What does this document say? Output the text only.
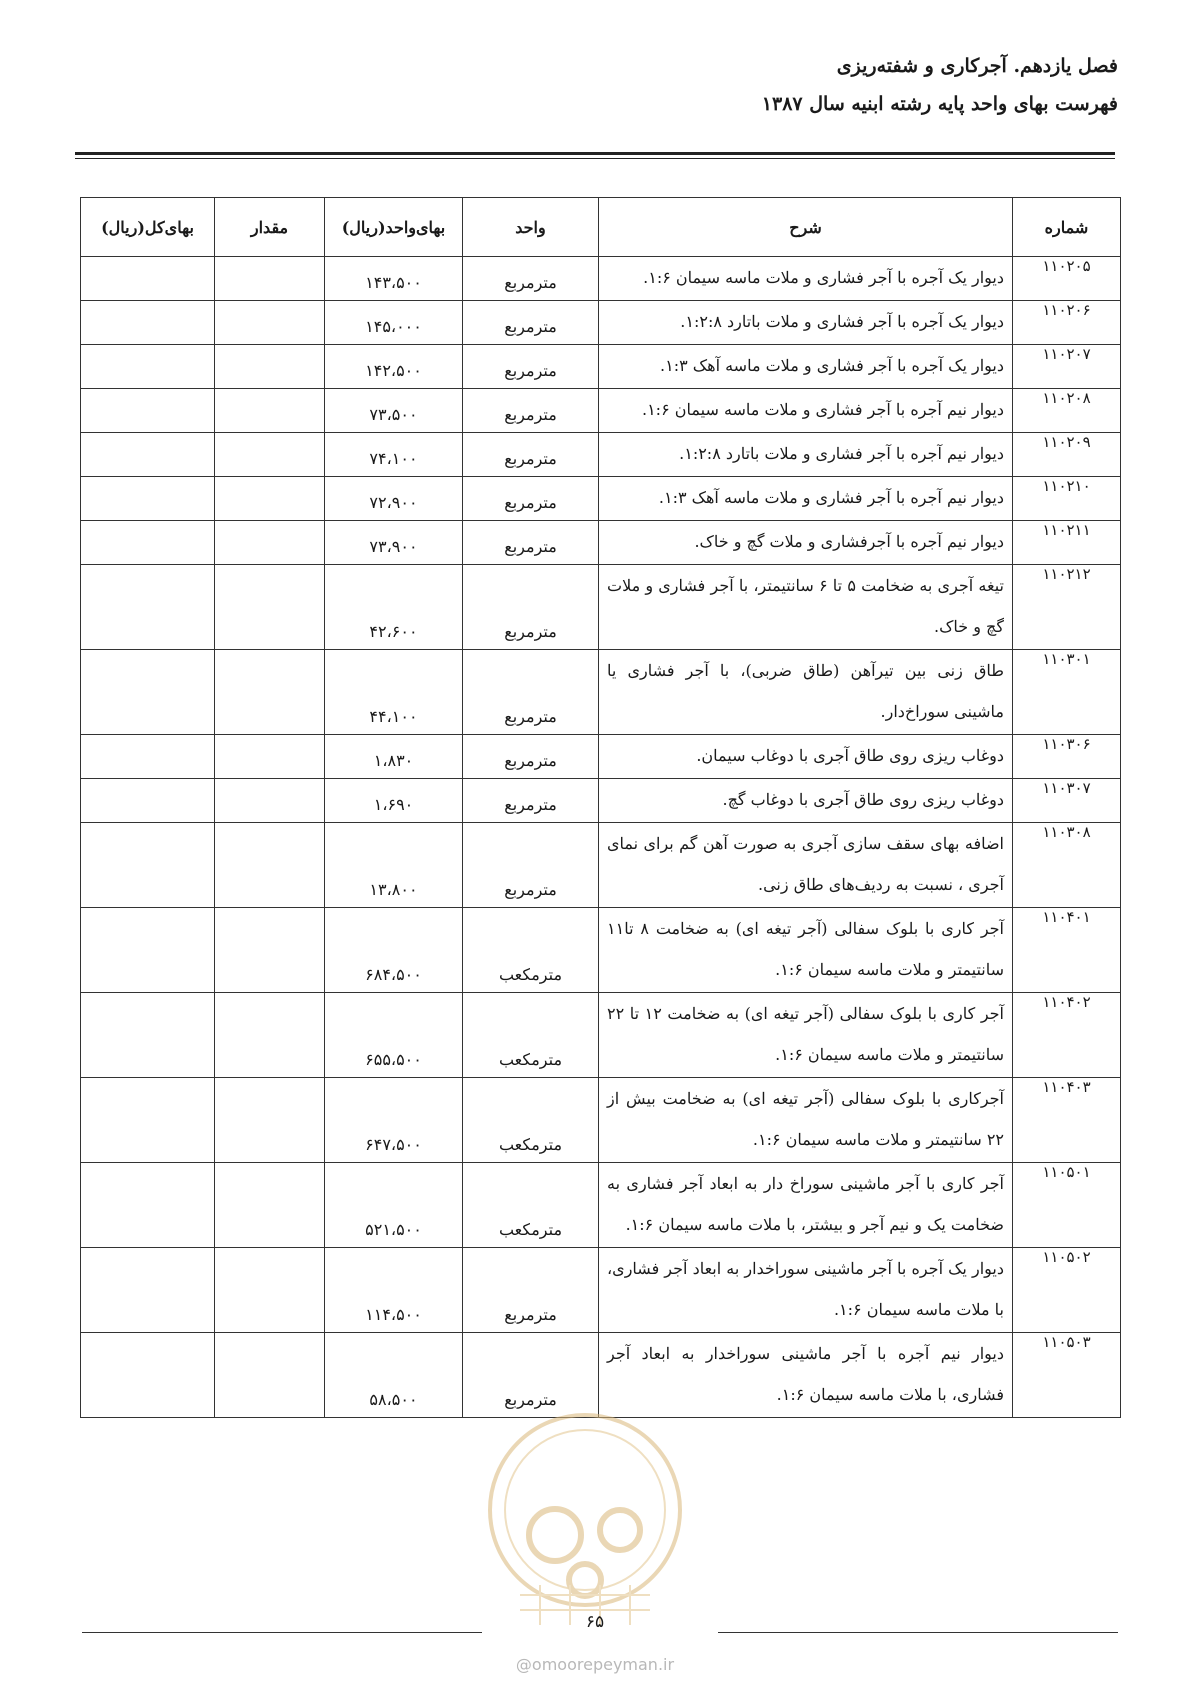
فصل یازدهم. آجرکاری و شفته‌ریزی
فهرست بهای واحد پایه رشته ابنیه سال ۱۳۸۷
شماره	شرح	واحد	بهای‌واحد(ریال)	مقدار	بهای‌کل(ریال)
۱۱۰۲۰۵	دیوار یک آجره با آجر فشاری و ملات ماسه سیمان ۱:۶.	مترمربع	۱۴۳،۵۰۰		
۱۱۰۲۰۶	دیوار یک آجره با آجر فشاری و ملات باتارد ۱:۲:۸.	مترمربع	۱۴۵،۰۰۰		
۱۱۰۲۰۷	دیوار یک آجره با آجر فشاری و ملات ماسه آهک ۱:۳.	مترمربع	۱۴۲،۵۰۰		
۱۱۰۲۰۸	دیوار نیم آجره با آجر فشاری و ملات ماسه سیمان ۱:۶.	مترمربع	۷۳،۵۰۰		
۱۱۰۲۰۹	دیوار نیم آجره با آجر فشاری و ملات باتارد ۱:۲:۸.	مترمربع	۷۴،۱۰۰		
۱۱۰۲۱۰	دیوار نیم آجره با آجر فشاری و ملات ماسه آهک ۱:۳.	مترمربع	۷۲،۹۰۰		
۱۱۰۲۱۱	دیوار نیم آجره با آجرفشاری و ملات گچ و خاک.	مترمربع	۷۳،۹۰۰		
۱۱۰۲۱۲	تیغه آجری به ضخامت ۵ تا ۶ سانتیمتر، با آجر فشاری و ملات گچ و خاک.	مترمربع	۴۲،۶۰۰		
۱۱۰۳۰۱	طاق زنی بین تیرآهن (طاق ضربی)، با آجر فشاری یا ماشینی سوراخ‌دار.	مترمربع	۴۴،۱۰۰		
۱۱۰۳۰۶	دوغاب ریزی روی طاق آجری با دوغاب سیمان.	مترمربع	۱،۸۳۰		
۱۱۰۳۰۷	دوغاب ریزی روی طاق آجری با دوغاب گچ.	مترمربع	۱،۶۹۰		
۱۱۰۳۰۸	اضافه بهای سقف سازی آجری به صورت آهن گم برای نمای آجری ، نسبت به ردیف‌های طاق زنی.	مترمربع	۱۳،۸۰۰		
۱۱۰۴۰۱	آجر کاری با بلوک سفالی (آجر تیغه ای) به ضخامت ۸ تا۱۱ سانتیمتر و ملات ماسه سیمان ۱:۶.	مترمکعب	۶۸۴،۵۰۰		
۱۱۰۴۰۲	آجر کاری با بلوک سفالی (آجر تیغه ای) به ضخامت ۱۲ تا ۲۲ سانتیمتر و ملات ماسه سیمان ۱:۶.	مترمکعب	۶۵۵،۵۰۰		
۱۱۰۴۰۳	آجرکاری با بلوک سفالی (آجر تیغه ای) به ضخامت بیش از ۲۲ سانتیمتر و ملات ماسه سیمان ۱:۶.	مترمکعب	۶۴۷،۵۰۰		
۱۱۰۵۰۱	آجر کاری با آجر ماشینی سوراخ دار به ابعاد آجر فشاری به ضخامت یک و نیم آجر و بیشتر، با ملات ماسه سیمان ۱:۶.	مترمکعب	۵۲۱،۵۰۰		
۱۱۰۵۰۲	دیوار یک آجره با آجر ماشینی سوراخدار به ابعاد آجر فشاری، با ملات ماسه سیمان ۱:۶.	مترمربع	۱۱۴،۵۰۰		
۱۱۰۵۰۳	دیوار نیم آجره با آجر ماشینی سوراخدار به ابعاد آجر فشاری، با ملات ماسه سیمان ۱:۶.	مترمربع	۵۸،۵۰۰		
۶۵
@omoorepeyman.ir
